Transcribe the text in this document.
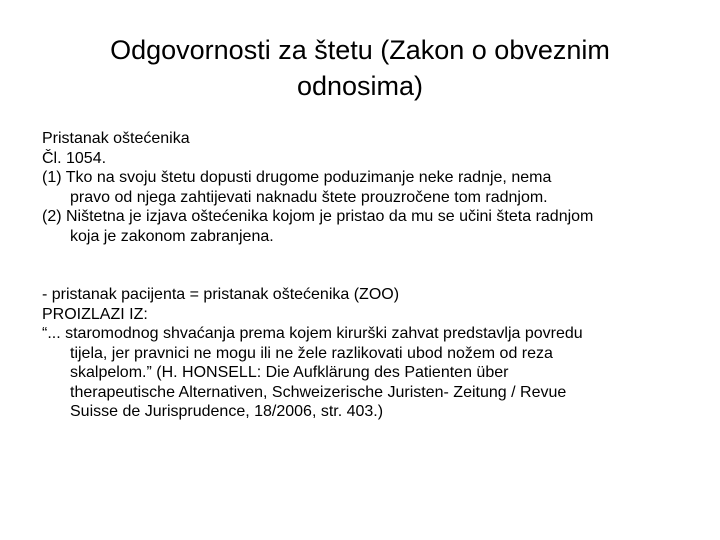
Odgovornosti za štetu (Zakon o obveznim
odnosima)
Pristanak oštećenika
Čl. 1054.
(1) Tko na svoju štetu dopusti drugome poduzimanje neke radnje, nema
pravo od njega zahtijevati naknadu štete prouzročene tom radnjom.
(2) Ništetna je izjava oštećenika kojom je pristao da mu se učini šteta radnjom
koja je zakonom zabranjena.
- pristanak pacijenta = pristanak oštećenika (ZOO)
PROIZLAZI IZ:
“... staromodnog shvaćanja prema kojem kirurški zahvat predstavlja povredu
tijela, jer pravnici ne mogu ili ne žele razlikovati ubod nožem od reza
skalpelom.” (H. HONSELL: Die Aufklärung des Patienten über
therapeutische Alternativen, Schweizerische Juristen- Zeitung / Revue
Suisse de Jurisprudence, 18/2006, str. 403.)
